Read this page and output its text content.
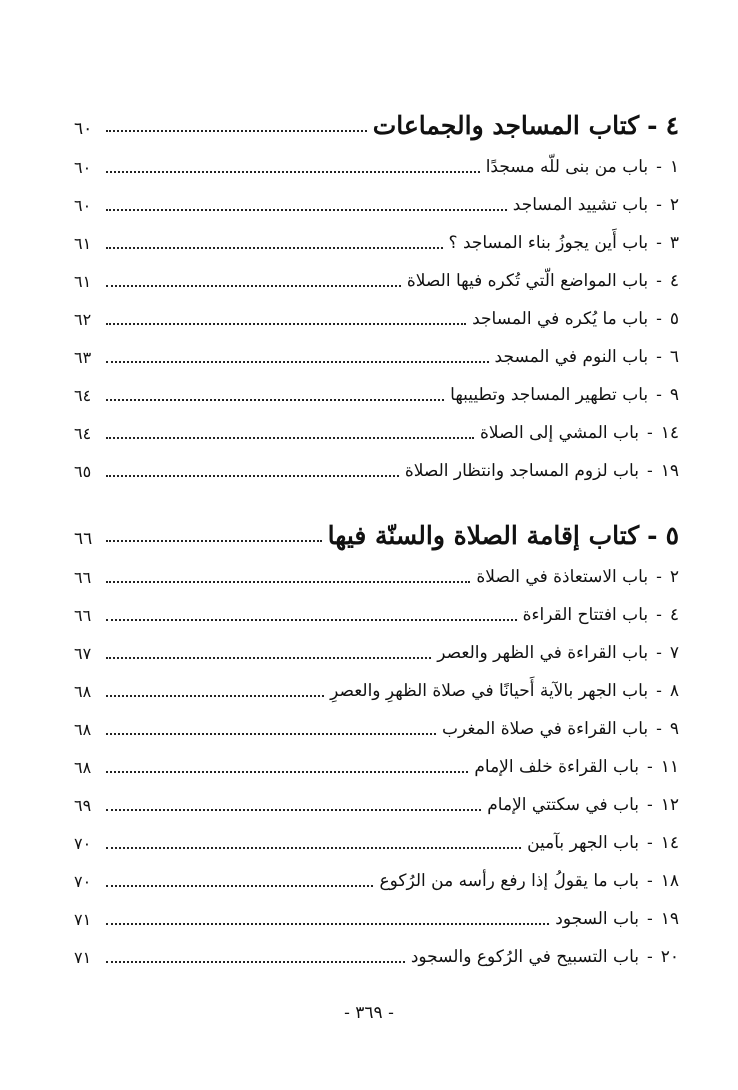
٤
-
كتاب المساجد والجماعات
٦٠
١
-
باب من بنى للّه مسجدًا
٦٠
٢
-
باب تشييد المساجد
٦٠
٣
-
باب أَين يجوزُ بناء المساجد ؟
٦١
٤
-
باب المواضع الّتي تُكره فيها الصلاة
٦١
٥
-
باب ما يُكره في المساجد
٦٢
٦
-
باب النوم في المسجد
٦٣
٩
-
باب تطهير المساجد وتطييبها
٦٤
١٤
-
باب المشي إلى الصلاة
٦٤
١٩
-
باب لزوم المساجد وانتظار الصلاة
٦٥
٥
-
كتاب إقامة الصلاة والسنّة فيها
٦٦
٢
-
باب الاستعاذة في الصلاة
٦٦
٤
-
باب افتتاح القراءة
٦٦
٧
-
باب القراءة في الظهر والعصر
٦٧
٨
-
باب الجهر بالآية أَحيانًا في صلاة الظهرِ والعصرِ
٦٨
٩
-
باب القراءة في صلاة المغرب
٦٨
١١
-
باب القراءة خلف الإمام
٦٨
١٢
-
باب في سكتتي الإمام
٦٩
١٤
-
باب الجهر بآمين
٧٠
١٨
-
باب ما يقولُ إذا رفع رأسه من الرُكوع
٧٠
١٩
-
باب السجود
٧١
٢٠
-
باب التسبيح في الرُكوع والسجود
٧١
- ٣٦٩ -
